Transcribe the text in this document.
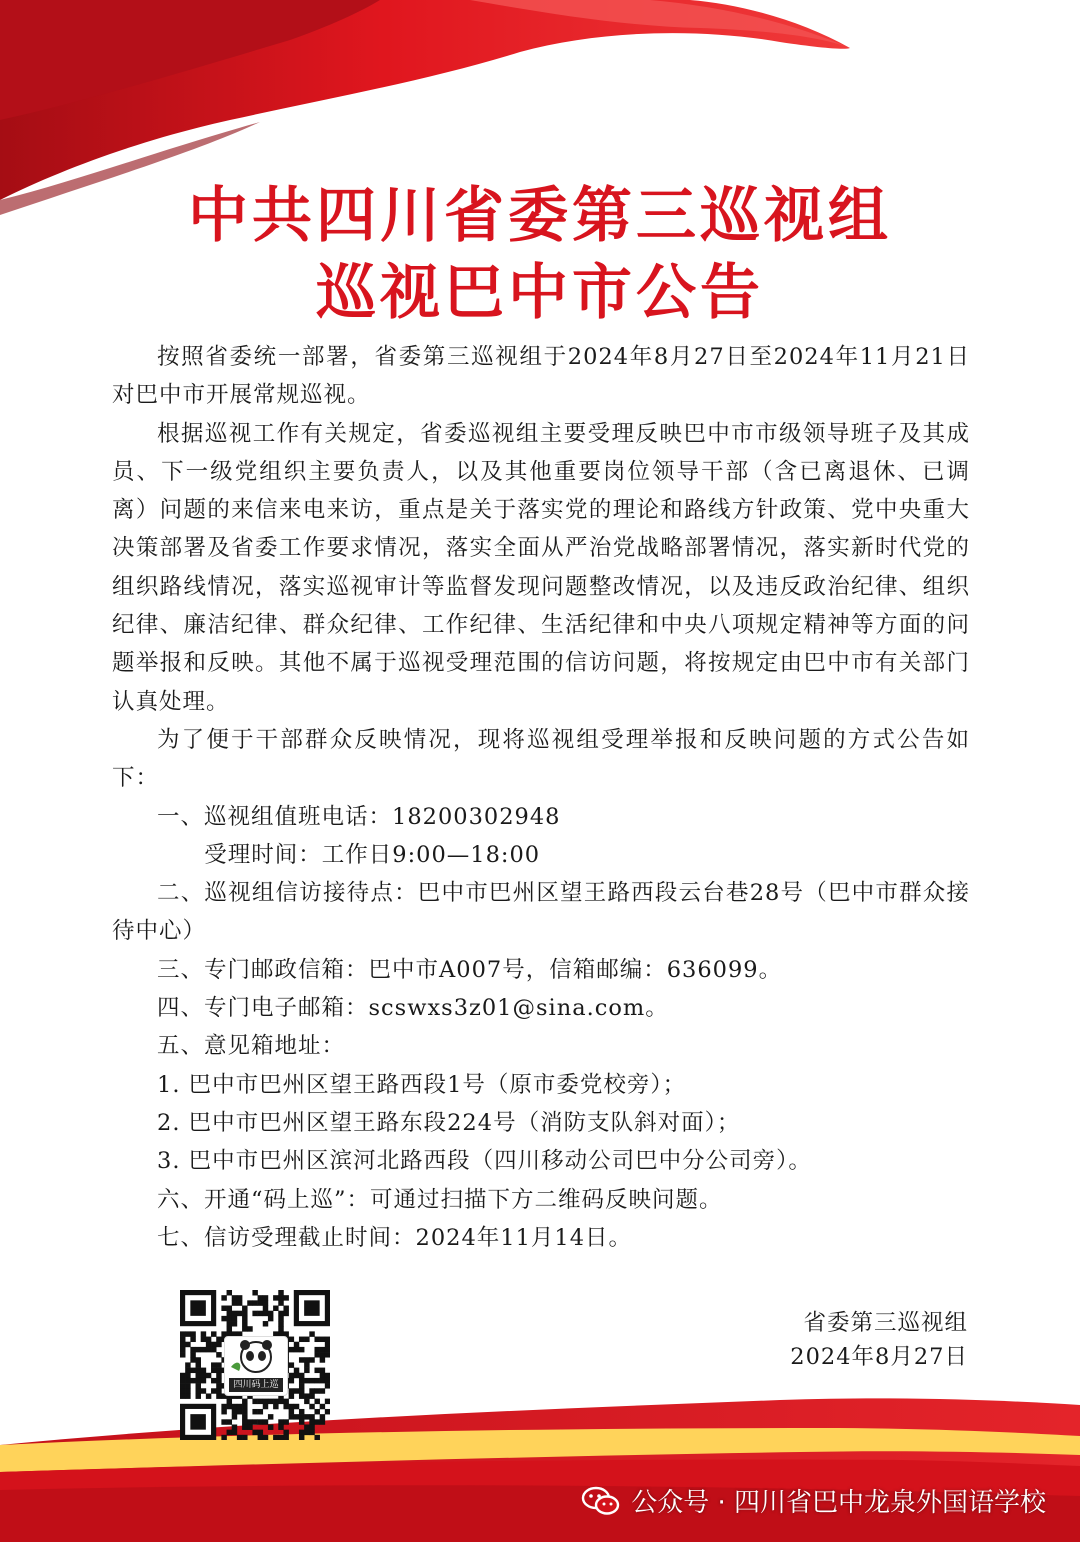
中共四川省委第三巡视组
巡视巴中市公告

按照省委统一部署，省委第三巡视组于2024年8月27日至2024年11月21日对巴中市开展常规巡视。

根据巡视工作有关规定，省委巡视组主要受理反映巴中市市级领导班子及其成员、下一级党组织主要负责人，以及其他重要岗位领导干部（含已离退休、已调离）问题的来信来电来访，重点是关于落实党的理论和路线方针政策、党中央重大决策部署及省委工作要求情况，落实全面从严治党战略部署情况，落实新时代党的组织路线情况，落实巡视审计等监督发现问题整改情况，以及违反政治纪律、组织纪律、廉洁纪律、群众纪律、工作纪律、生活纪律和中央八项规定精神等方面的问题举报和反映。其他不属于巡视受理范围的信访问题，将按规定由巴中市有关部门认真处理。

为了便于干部群众反映情况，现将巡视组受理举报和反映问题的方式公告如下：

一、巡视组值班电话：18200302948

受理时间：工作日9:00—18:00

二、巡视组信访接待点：巴中市巴州区望王路西段云台巷28号（巴中市群众接待中心）

三、专门邮政信箱：巴中市A007号，信箱邮编：636099。

四、专门电子邮箱：scswxs3z01@sina.com。

五、意见箱地址：

1. 巴中市巴州区望王路西段1号（原市委党校旁）；

2. 巴中市巴州区望王路东段224号（消防支队斜对面）；

3. 巴中市巴州区滨河北路西段（四川移动公司巴中分公司旁）。

六、开通“码上巡”：可通过扫描下方二维码反映问题。

七、信访受理截止时间：2024年11月14日。

四川码上巡
省委第三巡视组
2024年8月27日
公众号 · 四川省巴中龙泉外国语学校
